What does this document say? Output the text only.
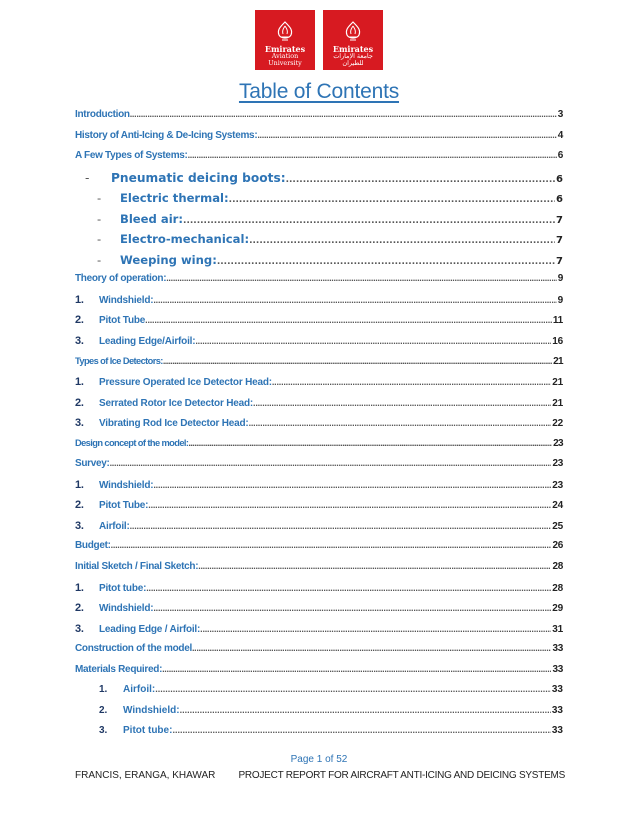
Emirates
Aviation University
Emirates
جامعة الإمارات للطيران
Table of Contents
Introduction .....	3
History of Anti-Icing & De-Icing Systems: .....	4
A Few Types of Systems: .....	6
-	Pneumatic deicing boots: .....	6
-	Electric thermal: .....	6
-	Bleed air: .....	7
-	Electro-mechanical: .....	7
-	Weeping wing: .....	7
Theory of operation: .....	9
1.	Windshield: .....	9
2.	Pitot Tube .....	11
3.	Leading Edge/Airfoil: .....	16
Types of Ice Detectors: .....	21
1.	Pressure Operated Ice Detector Head: .....	21
2.	Serrated Rotor Ice Detector Head: .....	21
3.	Vibrating Rod Ice Detector Head: .....	22
Design concept of the model: .....	23
Survey: .....	23
1.	Windshield: .....	23
2.	Pitot Tube: .....	24
3.	Airfoil: .....	25
Budget: .....	26
Initial Sketch / Final Sketch: .....	28
1.	Pitot tube: .....	28
2.	Windshield: .....	29
3.	Leading Edge / Airfoil: .....	31
Construction of the model .....	33
Materials Required: .....	33
1.	Airfoil: .....	33
2.	Windshield: .....	33
3.	Pitot tube: .....	33
Page 1 of 52
FRANCIS, ERANGA, KHAWAR PROJECT REPORT FOR AIRCRAFT ANTI-ICING AND DEICING SYSTEMS
